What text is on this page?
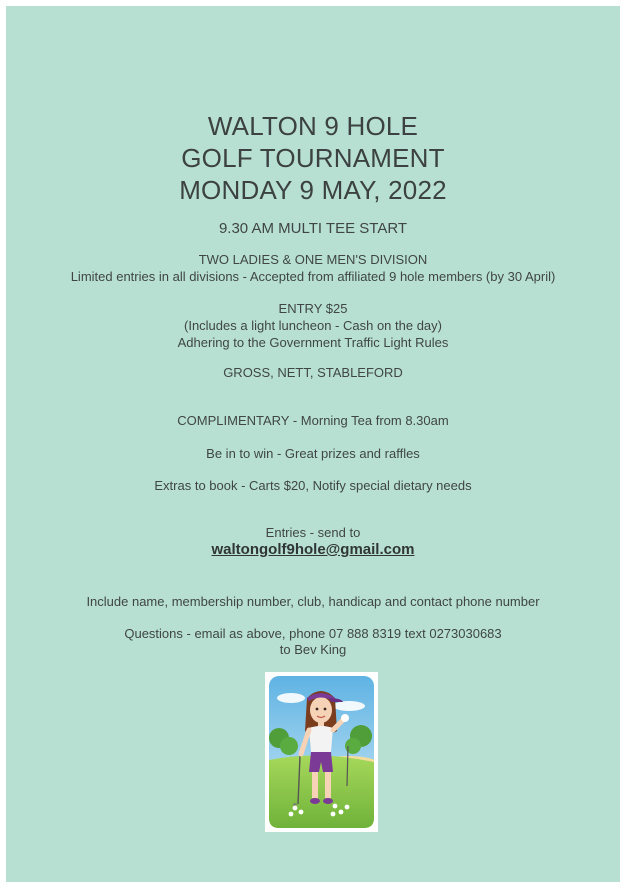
WALTON 9 HOLE
GOLF TOURNAMENT
MONDAY 9 MAY, 2022
9.30 AM MULTI TEE START
TWO LADIES & ONE MEN'S DIVISION
Limited entries in all divisions - Accepted from affiliated 9 hole members (by 30 April)
ENTRY $25
(Includes a light luncheon - Cash on the day)
Adhering to the Government Traffic Light Rules
GROSS, NETT, STABLEFORD
COMPLIMENTARY - Morning Tea from 8.30am
Be in to win - Great prizes and raffles
Extras to book - Carts $20, Notify special dietary needs
Entries - send to
waltongolf9hole@gmail.com
Include name, membership number, club, handicap and contact phone number
Questions - email as above, phone 07 888 8319 text 0273030683
to Bev King
